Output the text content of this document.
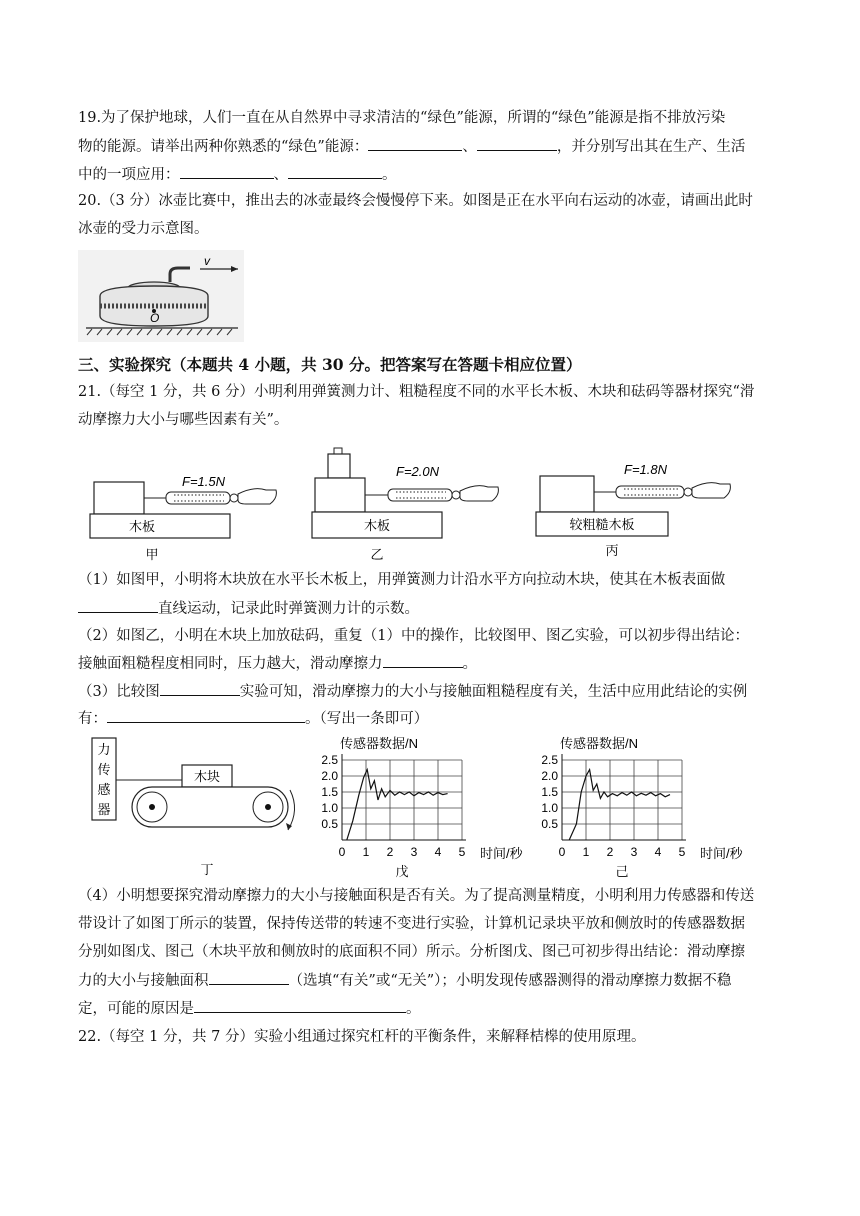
19.为了保护地球，人们一直在从自然界中寻求清洁的“绿色”能源，所谓的“绿色”能源是指不排放污染
物的能源。请举出两种你熟悉的“绿色”能源：	、	，并分别写出其在生产、生活
中的一项应用：	、	。
20.（3 分）冰壶比赛中，推出去的冰壶最终会慢慢停下来。如图是正在水平向右运动的冰壶，请画出此时
冰壶的受力示意图。
v
O
三、实验探究（本题共 4 小题，共 30 分。把答案写在答题卡相应位置）
21.（每空 1 分，共 6 分）小明利用弹簧测力计、粗糙程度不同的水平长木板、木块和砝码等器材探究“滑
动摩擦力大小与哪些因素有关”。
木板
F=1.5N
甲
木板
F=2.0N
乙
较粗糙木板
F=1.8N
丙
（1）如图甲，小明将木块放在水平长木板上，用弹簧测力计沿水平方向拉动木块，使其在木板表面做
直线运动，记录此时弹簧测力计的示数。
（2）如图乙，小明在木块上加放砝码，重复（1）中的操作，比较图甲、图乙实验，可以初步得出结论：
接触面粗糙程度相同时，压力越大，滑动摩擦力	。
（3）比较图	实验可知，滑动摩擦力的大小与接触面粗糙程度有关，生活中应用此结论的实例
有：	。（写出一条即可）
力
传
感
器
木块
丁
传感器数据/N
0.5
1.0
1.5
2.0
2.5
0 1 2 3 4 5 时间/秒
戊
传感器数据/N
0.5
1.0
1.5
2.0
2.5
0 1 2 3 4 5 时间/秒
己
（4）小明想要探究滑动摩擦力的大小与接触面积是否有关。为了提高测量精度，小明利用力传感器和传送
带设计了如图丁所示的装置，保持传送带的转速不变进行实验，计算机记录块平放和侧放时的传感器数据
分别如图戊、图己（木块平放和侧放时的底面积不同）所示。分析图戊、图己可初步得出结论：滑动摩擦
力的大小与接触面积	（选填“有关”或“无关”）；小明发现传感器测得的滑动摩擦力数据不稳
定，可能的原因是	。
22.（每空 1 分，共 7 分）实验小组通过探究杠杆的平衡条件，来解释桔槔的使用原理。
